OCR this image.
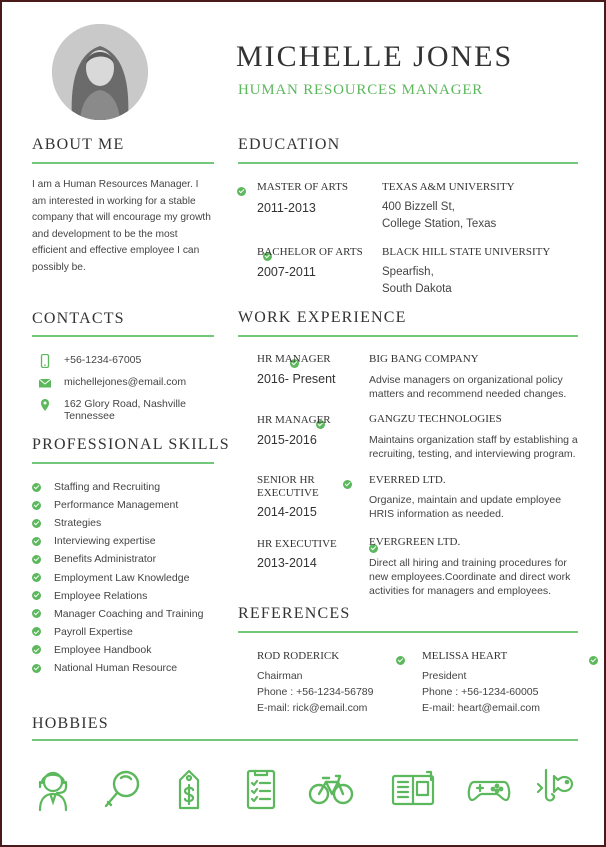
MICHELLE JONES
HUMAN RESOURCES MANAGER
ABOUT ME
I am a Human Resources Manager. I am interested in working for a stable company that will encourage my growth and development to be the most efficient and effective employee I can possibly be.
CONTACTS
+56-1234-67005
michellejones@email.com
162 Glory Road, Nashville Tennessee
PROFESSIONAL SKILLS
Staffing and Recruiting
Performance Management
Strategies
Interviewing expertise
Benefits Administrator
Employment Law Knowledge
Employee Relations
Manager Coaching and Training
Payroll Expertise
Employee Handbook
National Human Resource
EDUCATION

MASTER OF ARTS
2011-2013
TEXAS A&M UNIVERSITY
400 Bizzell St,
College Station, Texas

BACHELOR OF ARTS
2007-2011
BLACK HILL STATE UNIVERSITY
Spearfish,
South Dakota
WORK EXPERIENCE

HR MANAGER
2016- Present
BIG BANG COMPANY
Advise managers on organizational policy matters and recommend needed changes.

HR MANAGER
2015-2016
GANGZU TECHNOLOGIES
Maintains organization staff by establishing a recruiting, testing, and interviewing program.

SENIOR HR EXECUTIVE
2014-2015
EVERRED LTD.
Organize, maintain and update employee HRIS information as needed.

HR EXECUTIVE
2013-2014
EVERGREEN LTD.
Direct all hiring and training procedures for new employees.Coordinate and direct work activities for managers and employees.
REFERENCES

ROD RODERICK
Chairman
Phone : +56-1234-56789
E-mail: rick@email.com
MELISSA HEART
President
Phone : +56-1234-60005
E-mail: heart@email.com
HOBBIES
